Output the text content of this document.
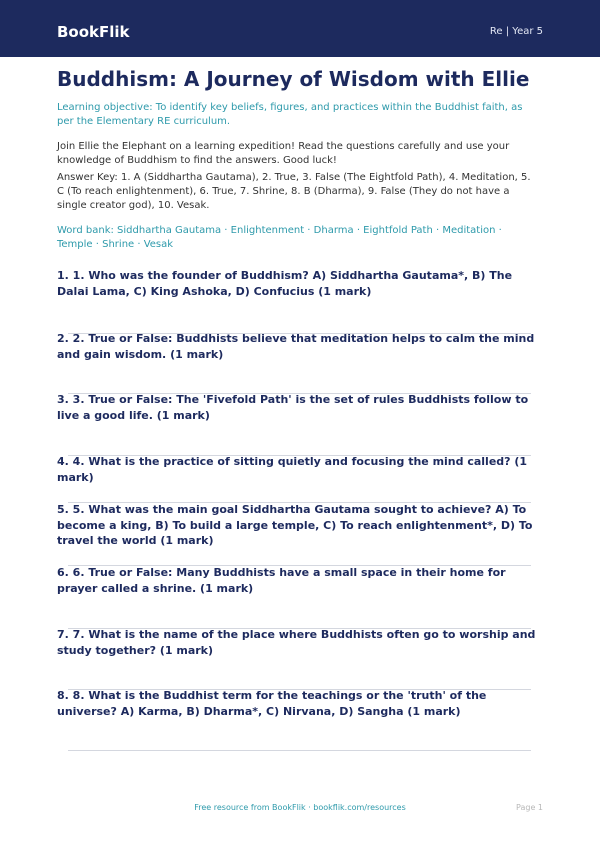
BookFlik	Re | Year 5
Buddhism: A Journey of Wisdom with Ellie
Learning objective: To identify key beliefs, figures, and practices within the Buddhist faith, as per the Elementary RE curriculum.
Join Ellie the Elephant on a learning expedition! Read the questions carefully and use your knowledge of Buddhism to find the answers. Good luck!
Answer Key: 1. A (Siddhartha Gautama), 2. True, 3. False (The Eightfold Path), 4. Meditation, 5. C (To reach enlightenment), 6. True, 7. Shrine, 8. B (Dharma), 9. False (They do not have a single creator god), 10. Vesak.
Word bank: Siddhartha Gautama · Enlightenment · Dharma · Eightfold Path · Meditation · Temple · Shrine · Vesak
1. 1. Who was the founder of Buddhism? A) Siddhartha Gautama*, B) The Dalai Lama, C) King Ashoka, D) Confucius (1 mark)
2. 2. True or False: Buddhists believe that meditation helps to calm the mind and gain wisdom. (1 mark)
3. 3. True or False: The 'Fivefold Path' is the set of rules Buddhists follow to live a good life. (1 mark)
4. 4. What is the practice of sitting quietly and focusing the mind called? (1 mark)
5. 5. What was the main goal Siddhartha Gautama sought to achieve? A) To become a king, B) To build a large temple, C) To reach enlightenment*, D) To travel the world (1 mark)
6. 6. True or False: Many Buddhists have a small space in their home for prayer called a shrine. (1 mark)
7. 7. What is the name of the place where Buddhists often go to worship and study together? (1 mark)
8. 8. What is the Buddhist term for the teachings or the 'truth' of the universe? A) Karma, B) Dharma*, C) Nirvana, D) Sangha (1 mark)
Free resource from BookFlik · bookflik.com/resources	Page 1
